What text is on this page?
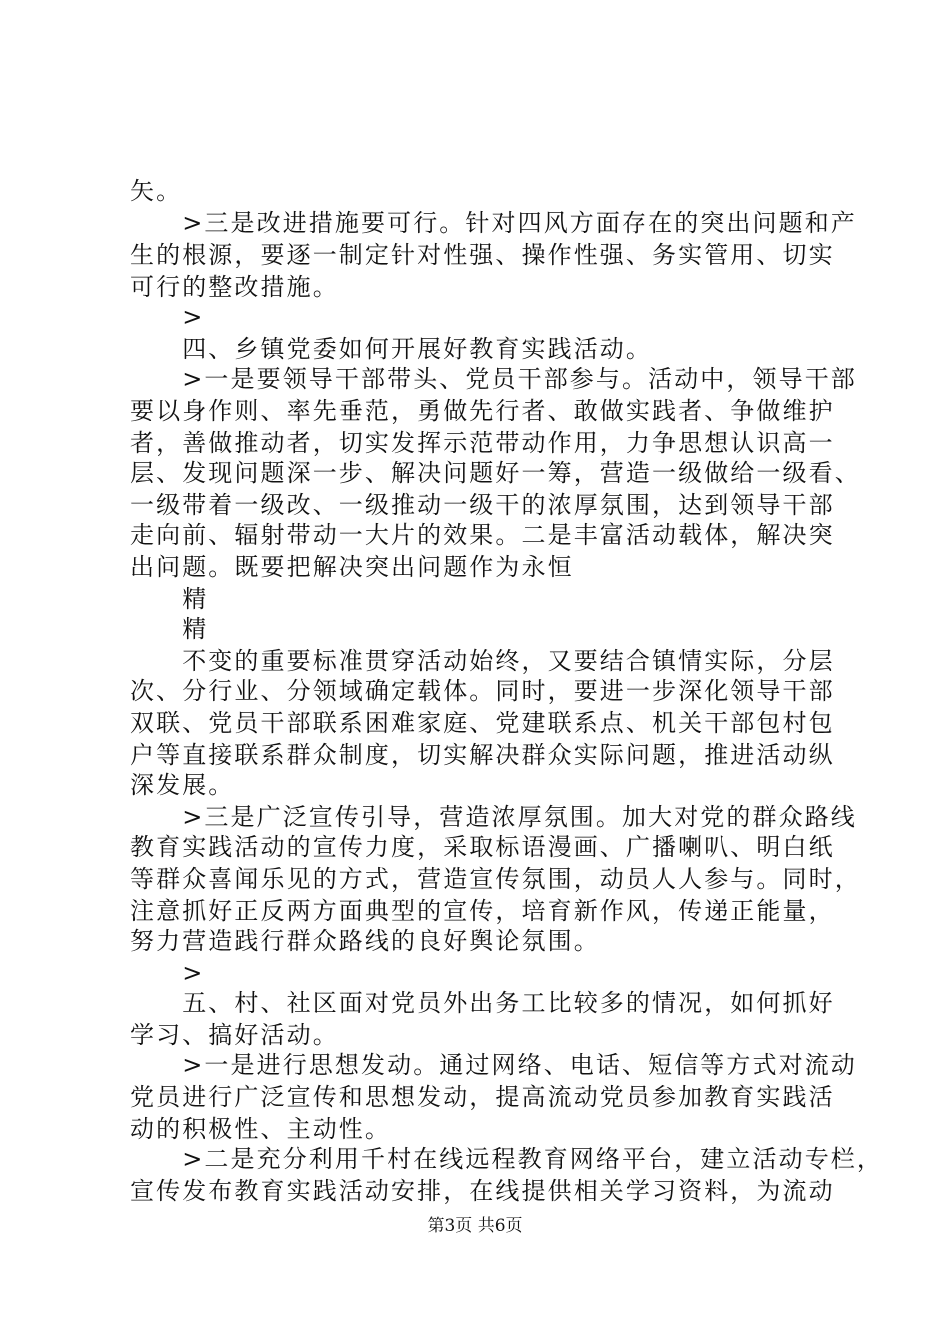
矢。
　　>三是改进措施要可行。针对四风方面存在的突出问题和产
生的根源，要逐一制定针对性强、操作性强、务实管用、切实
可行的整改措施。
　　>
　　四、乡镇党委如何开展好教育实践活动。
　　>一是要领导干部带头、党员干部参与。活动中，领导干部
要以身作则、率先垂范，勇做先行者、敢做实践者、争做维护
者，善做推动者，切实发挥示范带动作用，力争思想认识高一
层、发现问题深一步、解决问题好一筹，营造一级做给一级看、
一级带着一级改、一级推动一级干的浓厚氛围，达到领导干部
走向前、辐射带动一大片的效果。二是丰富活动载体，解决突
出问题。既要把解决突出问题作为永恒
　　精
　　精
　　不变的重要标准贯穿活动始终，又要结合镇情实际，分层
次、分行业、分领域确定载体。同时，要进一步深化领导干部
双联、党员干部联系困难家庭、党建联系点、机关干部包村包
户等直接联系群众制度，切实解决群众实际问题，推进活动纵
深发展。
　　>三是广泛宣传引导，营造浓厚氛围。加大对党的群众路线
教育实践活动的宣传力度，采取标语漫画、广播喇叭、明白纸
等群众喜闻乐见的方式，营造宣传氛围，动员人人参与。同时，
注意抓好正反两方面典型的宣传，培育新作风，传递正能量，
努力营造践行群众路线的良好舆论氛围。
　　>
　　五、村、社区面对党员外出务工比较多的情况，如何抓好
学习、搞好活动。
　　>一是进行思想发动。通过网络、电话、短信等方式对流动
党员进行广泛宣传和思想发动，提高流动党员参加教育实践活
动的积极性、主动性。
　　>二是充分利用千村在线远程教育网络平台，建立活动专栏，
宣传发布教育实践活动安排，在线提供相关学习资料，为流动
第3页 共6页
